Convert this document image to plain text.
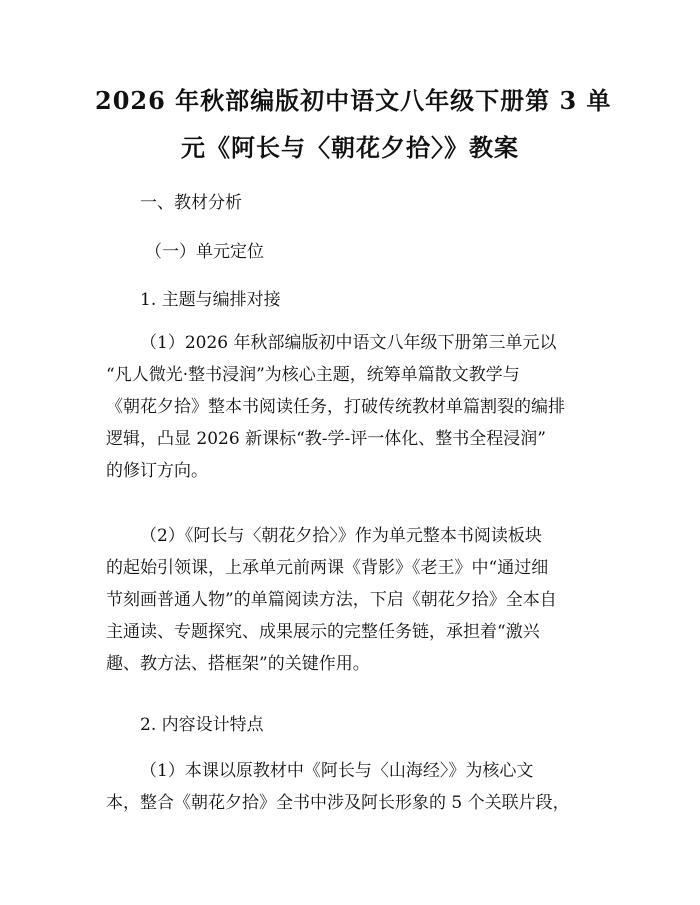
2026 年秋部编版初中语文八年级下册第 3 单
元《阿长与〈朝花夕拾〉》教案
一、教材分析
（一）单元定位
1. 主题与编排对接
（1）2026 年秋部编版初中语文八年级下册第三单元以
“凡人微光·整书浸润”为核心主题，统筹单篇散文教学与
《朝花夕拾》整本书阅读任务，打破传统教材单篇割裂的编排
逻辑，凸显 2026 新课标“教-学-评一体化、整书全程浸润”
的修订方向。
（2）《阿长与〈朝花夕拾〉》作为单元整本书阅读板块
的起始引领课，上承单元前两课《背影》《老王》中“通过细
节刻画普通人物”的单篇阅读方法，下启《朝花夕拾》全本自
主通读、专题探究、成果展示的完整任务链，承担着“激兴
趣、教方法、搭框架”的关键作用。
2. 内容设计特点
（1）本课以原教材中《阿长与〈山海经〉》为核心文
本，整合《朝花夕拾》全书中涉及阿长形象的 5 个关联片段，
